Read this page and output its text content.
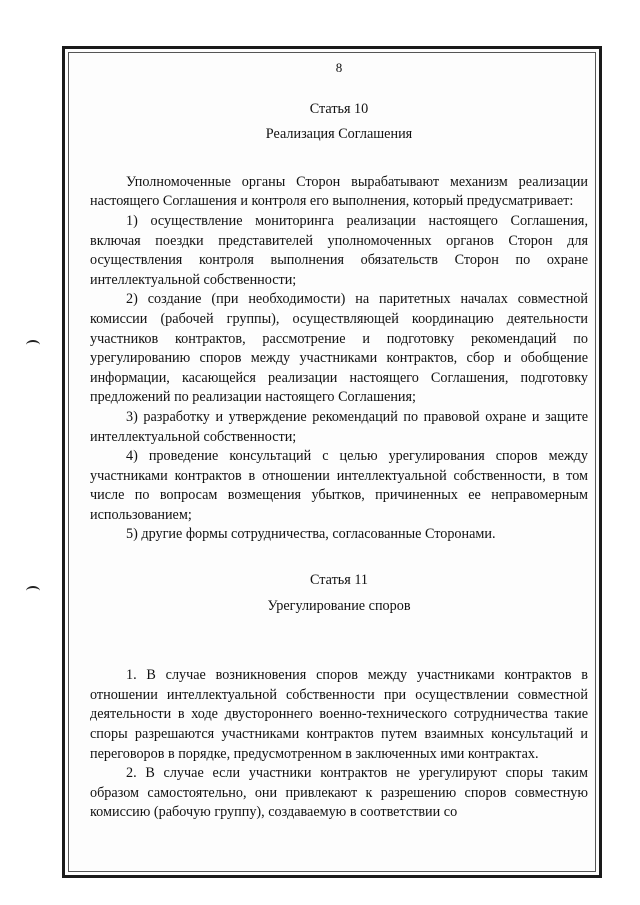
8

Статья 10

Реализация Соглашения

Уполномоченные органы Сторон вырабатывают механизм реализации настоящего Соглашения и контроля его выполнения, который предусматривает:

1) осуществление мониторинга реализации настоящего Соглашения, включая поездки представителей уполномоченных органов Сторон для осуществления контроля выполнения обязательств Сторон по охране интеллектуальной собственности;

2) создание (при необходимости) на паритетных началах совместной комиссии (рабочей группы), осуществляющей координацию деятельности участников контрактов, рассмотрение и подготовку рекомендаций по урегулированию споров между участниками контрактов, сбор и обобщение информации, касающейся реализации настоящего Соглашения, подготовку предложений по реализации настоящего Соглашения;

3) разработку и утверждение рекомендаций по правовой охране и защите интеллектуальной собственности;

4) проведение консультаций с целью урегулирования споров между участниками контрактов в отношении интеллектуальной собственности, в том числе по вопросам возмещения убытков, причиненных ее неправомерным использованием;

5) другие формы сотрудничества, согласованные Сторонами.

Статья 11

Урегулирование споров

1. В случае возникновения споров между участниками контрактов в отношении интеллектуальной собственности при осуществлении совместной деятельности в ходе двустороннего военно-технического сотрудничества такие споры разрешаются участниками контрактов путем взаимных консультаций и переговоров в порядке, предусмотренном в заключенных ими контрактах.

2. В случае если участники контрактов не урегулируют споры таким образом самостоятельно, они привлекают к разрешению споров совместную комиссию (рабочую группу), создаваемую в соответствии со
